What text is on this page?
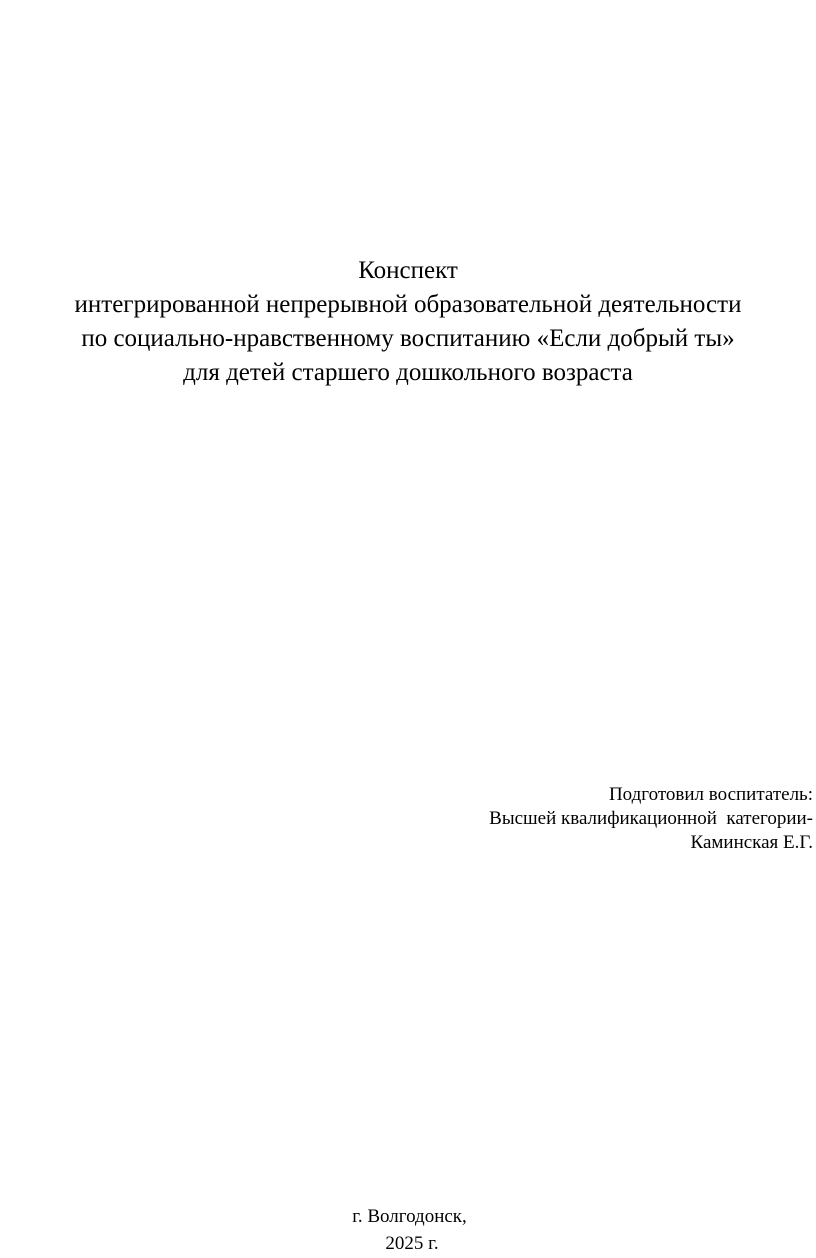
Конспект
интегрированной непрерывной образовательной деятельности
по социально-нравственному воспитанию «Если добрый ты»
для детей старшего дошкольного возраста
Подготовил воспитатель:
Высшей квалификационной  категории-
Каминская Е.Г.
г. Волгодонск,
2025 г.
